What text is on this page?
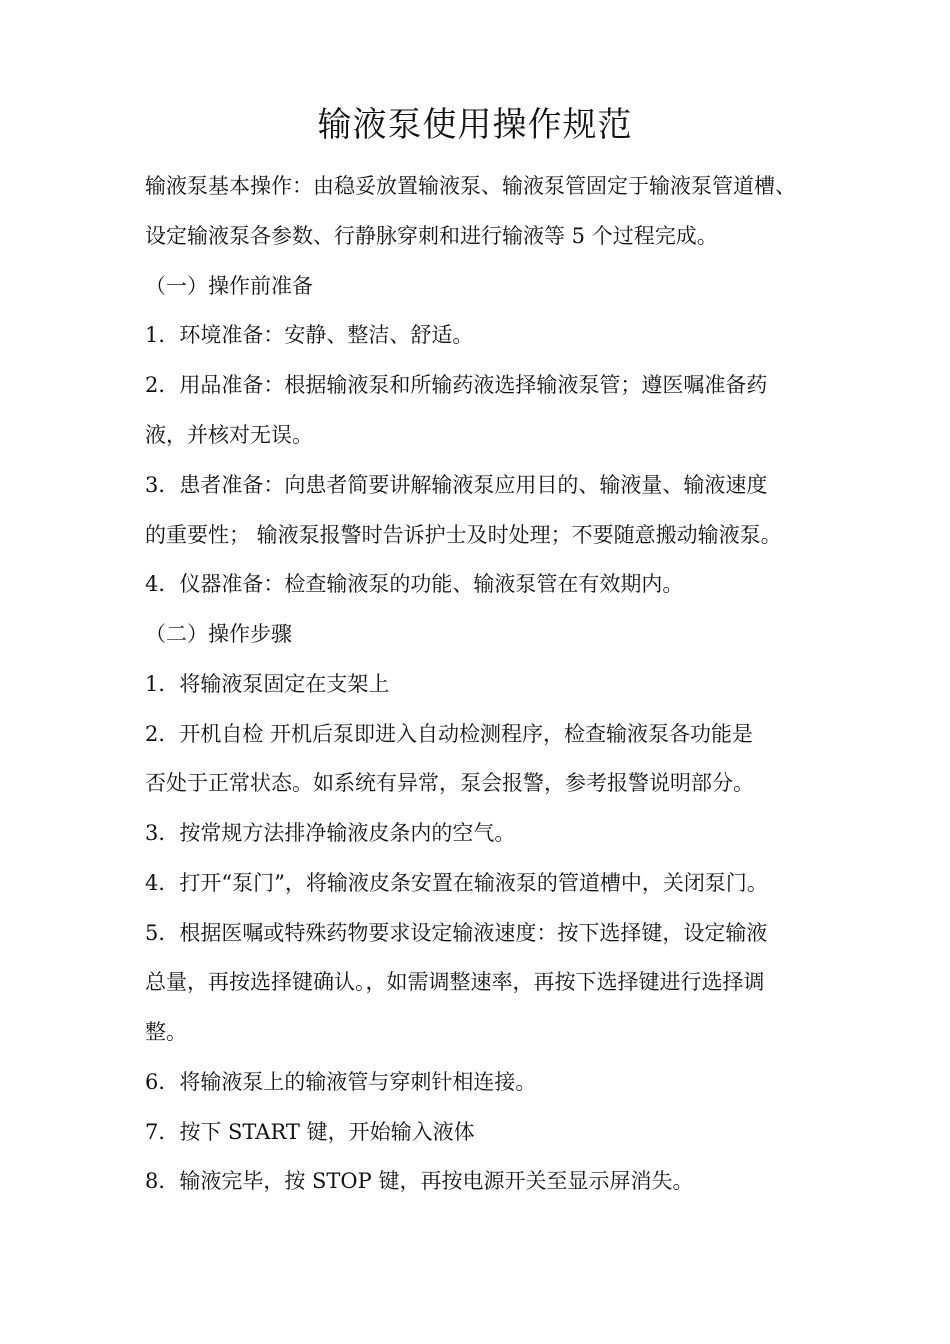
输液泵使用操作规范
输液泵基本操作：由稳妥放置输液泵、输液泵管固定于输液泵管道槽、
设定输液泵各参数、行静脉穿刺和进行输液等 5 个过程完成。
（一）操作前准备
1．环境准备：安静、整洁、舒适。
2．用品准备：根据输液泵和所输药液选择输液泵管；遵医嘱准备药
液，并核对无误。
3．患者准备：向患者简要讲解输液泵应用目的、输液量、输液速度
的重要性； 输液泵报警时告诉护士及时处理；不要随意搬动输液泵。
4．仪器准备：检查输液泵的功能、输液泵管在有效期内。
（二）操作步骤
1．将输液泵固定在支架上
2．开机自检 开机后泵即进入自动检测程序，检查输液泵各功能是
否处于正常状态。如系统有异常，泵会报警，参考报警说明部分。
3．按常规方法排净输液皮条内的空气。
4．打开“泵门”，将输液皮条安置在输液泵的管道槽中，关闭泵门。
5．根据医嘱或特殊药物要求设定输液速度：按下选择键，设定输液
总量，再按选择键确认。，如需调整速率，再按下选择键进行选择调
整。
6．将输液泵上的输液管与穿刺针相连接。
7．按下 START 键，开始输入液体
8．输液完毕，按 STOP 键，再按电源开关至显示屏消失。
